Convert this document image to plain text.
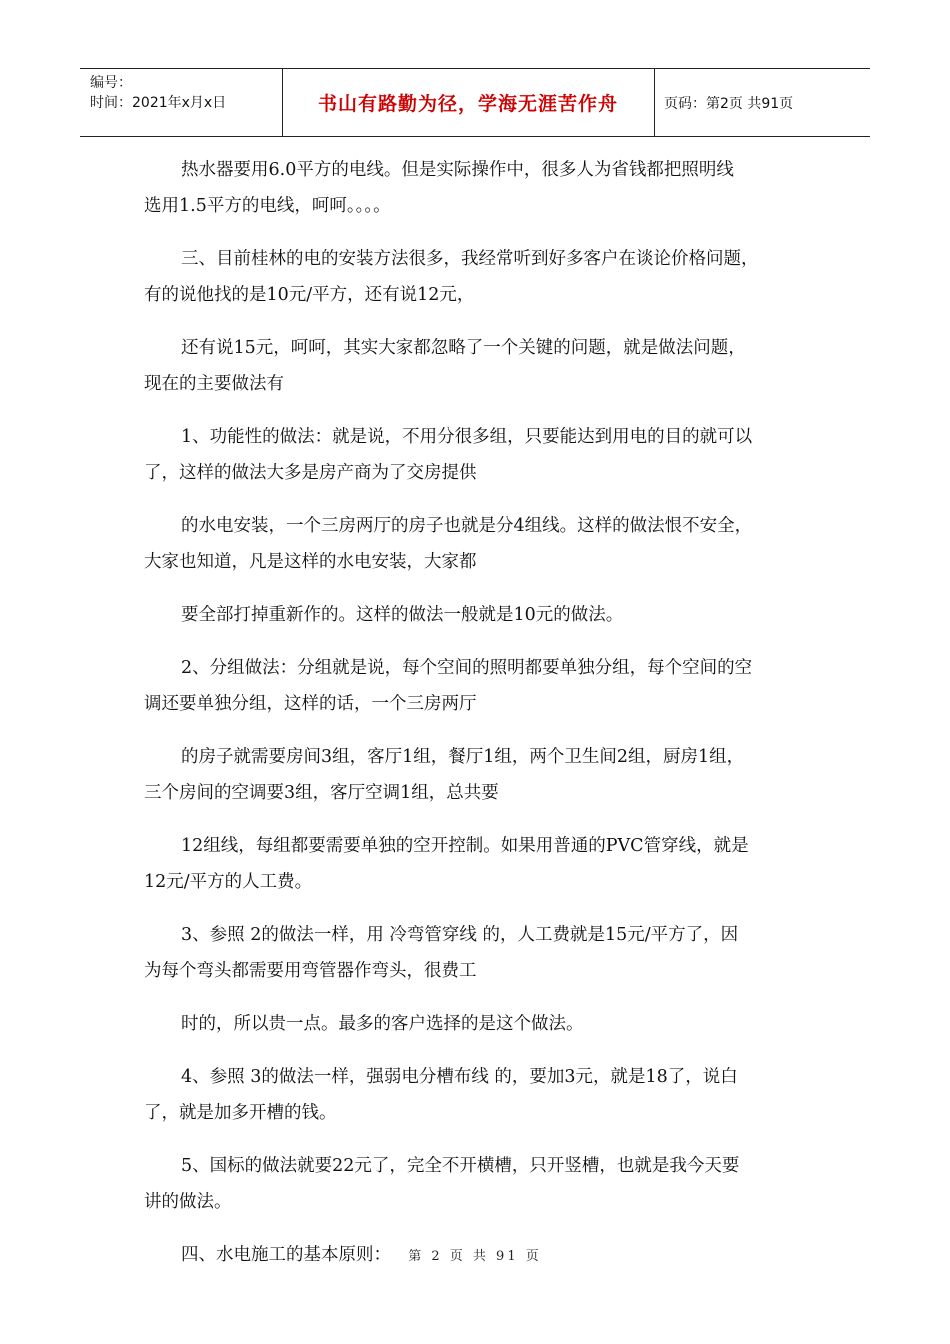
编号：
时间：2021年x月x日	书山有路勤为径，学海无涯苦作舟	页码：第2页 共91页
热水器要用6.0平方的电线。但是实际操作中，很多人为省钱都把照明线
选用1.5平方的电线，呵呵。。。。
三、目前桂林的电的安装方法很多，我经常听到好多客户在谈论价格问题，
有的说他找的是10元/平方，还有说12元，
还有说15元，呵呵，其实大家都忽略了一个关键的问题，就是做法问题，
现在的主要做法有
1、功能性的做法：就是说，不用分很多组，只要能达到用电的目的就可以
了，这样的做法大多是房产商为了交房提供
的水电安装，一个三房两厅的房子也就是分4组线。这样的做法恨不安全，
大家也知道，凡是这样的水电安装，大家都
要全部打掉重新作的。这样的做法一般就是10元的做法。
2、分组做法：分组就是说，每个空间的照明都要单独分组，每个空间的空
调还要单独分组，这样的话，一个三房两厅
的房子就需要房间3组，客厅1组，餐厅1组，两个卫生间2组，厨房1组，
三个房间的空调要3组，客厅空调1组，总共要
12组线，每组都要需要单独的空开控制。如果用普通的PVC管穿线，就是
12元/平方的人工费。
3、参照 2的做法一样，用 冷弯管穿线 的，人工费就是15元/平方了，因
为每个弯头都需要用弯管器作弯头，很费工
时的，所以贵一点。最多的客户选择的是这个做法。
4、参照 3的做法一样，强弱电分槽布线 的，要加3元，就是18了，说白
了，就是加多开槽的钱。
5、国标的做法就要22元了，完全不开横槽，只开竖槽，也就是我今天要
讲的做法。
四、水电施工的基本原则：	第 2 页 共 91 页
